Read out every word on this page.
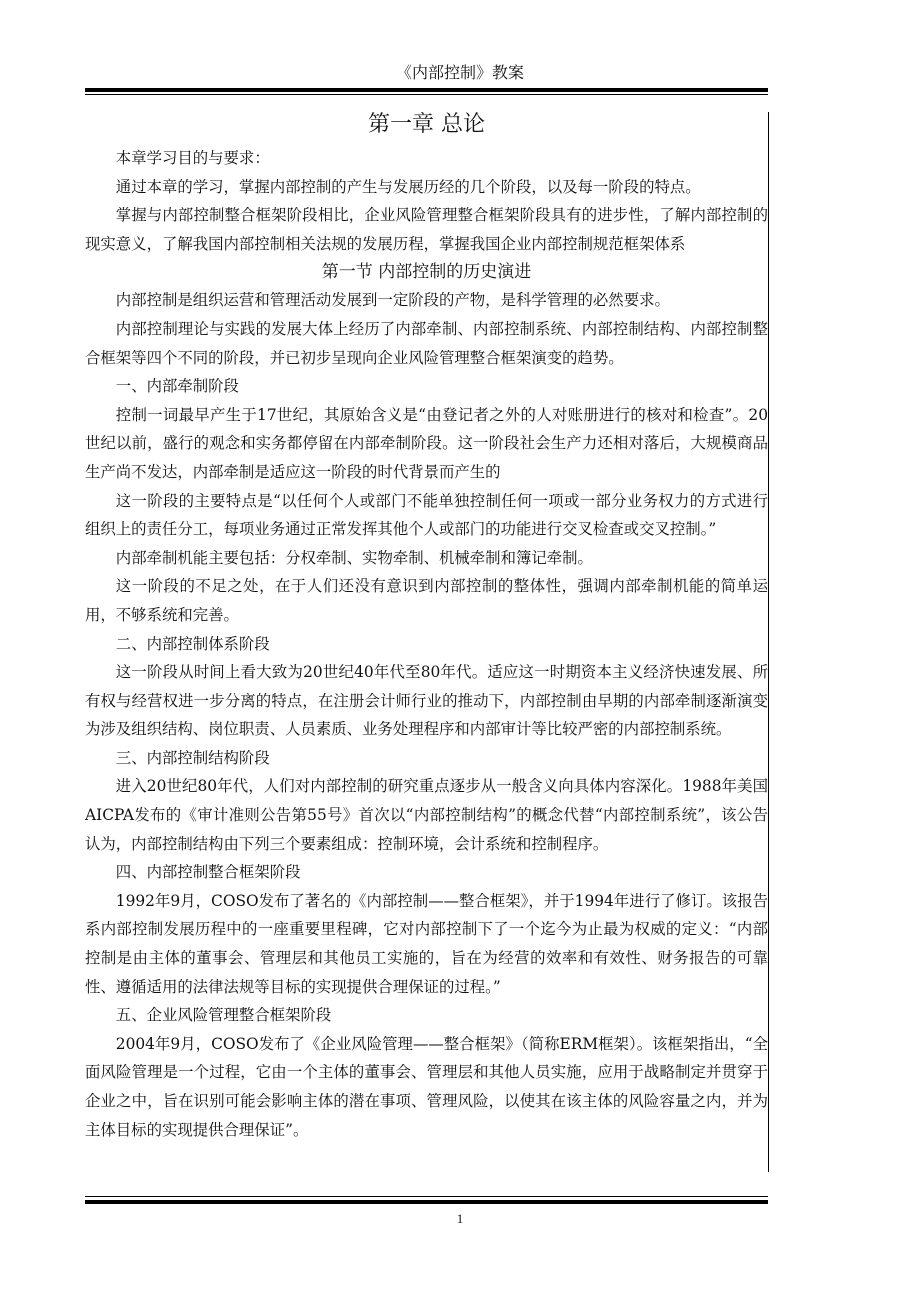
《内部控制》教案
第一章 总论
本章学习目的与要求：
通过本章的学习，掌握内部控制的产生与发展历经的几个阶段，以及每一阶段的特点。
掌握与内部控制整合框架阶段相比，企业风险管理整合框架阶段具有的进步性，了解内部控制的现实意义，了解我国内部控制相关法规的发展历程，掌握我国企业内部控制规范框架体系
第一节 内部控制的历史演进
内部控制是组织运营和管理活动发展到一定阶段的产物，是科学管理的必然要求。
内部控制理论与实践的发展大体上经历了内部牵制、内部控制系统、内部控制结构、内部控制整合框架等四个不同的阶段，并已初步呈现向企业风险管理整合框架演变的趋势。
一、内部牵制阶段
控制一词最早产生于17世纪，其原始含义是“由登记者之外的人对账册进行的核对和检查”。20世纪以前，盛行的观念和实务都停留在内部牵制阶段。这一阶段社会生产力还相对落后，大规模商品生产尚不发达，内部牵制是适应这一阶段的时代背景而产生的
这一阶段的主要特点是“以任何个人或部门不能单独控制任何一项或一部分业务权力的方式进行组织上的责任分工，每项业务通过正常发挥其他个人或部门的功能进行交叉检查或交叉控制。”
内部牵制机能主要包括：分权牵制、实物牵制、机械牵制和簿记牵制。
这一阶段的不足之处，在于人们还没有意识到内部控制的整体性，强调内部牵制机能的简单运用，不够系统和完善。
二、内部控制体系阶段
这一阶段从时间上看大致为20世纪40年代至80年代。适应这一时期资本主义经济快速发展、所有权与经营权进一步分离的特点，在注册会计师行业的推动下，内部控制由早期的内部牵制逐渐演变为涉及组织结构、岗位职责、人员素质、业务处理程序和内部审计等比较严密的内部控制系统。
三、内部控制结构阶段
进入20世纪80年代，人们对内部控制的研究重点逐步从一般含义向具体内容深化。1988年美国AICPA发布的《审计准则公告第55号》首次以“内部控制结构”的概念代替“内部控制系统”，该公告认为，内部控制结构由下列三个要素组成：控制环境，会计系统和控制程序。
四、内部控制整合框架阶段
1992年9月，COSO发布了著名的《内部控制——整合框架》，并于1994年进行了修订。该报告系内部控制发展历程中的一座重要里程碑，它对内部控制下了一个迄今为止最为权威的定义：“内部控制是由主体的董事会、管理层和其他员工实施的，旨在为经营的效率和有效性、财务报告的可靠性、遵循适用的法律法规等目标的实现提供合理保证的过程。”
五、企业风险管理整合框架阶段
2004年9月，COSO发布了《企业风险管理——整合框架》（简称ERM框架）。该框架指出，“全面风险管理是一个过程，它由一个主体的董事会、管理层和其他人员实施，应用于战略制定并贯穿于企业之中，旨在识别可能会影响主体的潜在事项、管理风险，以使其在该主体的风险容量之内，并为主体目标的实现提供合理保证”。
1
